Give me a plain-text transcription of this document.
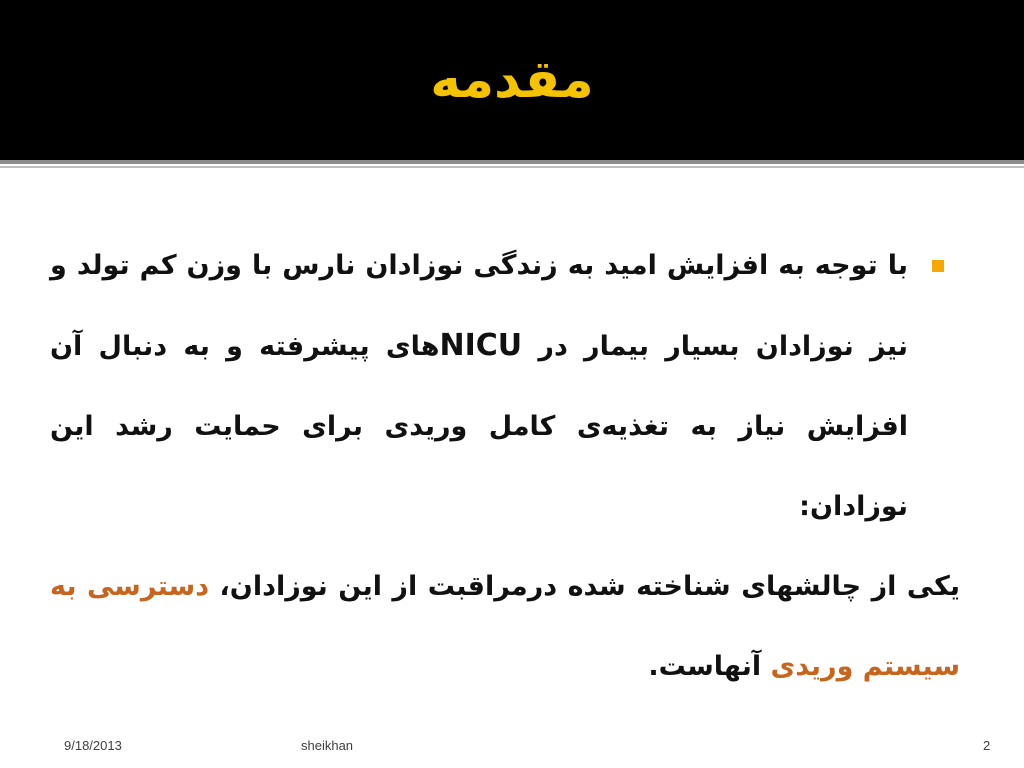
مقدمه

با توجه به افزایش امید به زندگی نوزادان نارس با وزن کم تولد و نیز نوزادان بسیار بیمار در NICUهای پیشرفته و به دنبال آن افزایش نیاز به تغذیه‌ی کامل وریدی برای حمایت رشد این نوزادان:

یکی از چالشهای شناخته شده درمراقبت از این نوزادان، دسترسی به سیستم وریدی آنهاست.

9/18/2013	sheikhan	2
